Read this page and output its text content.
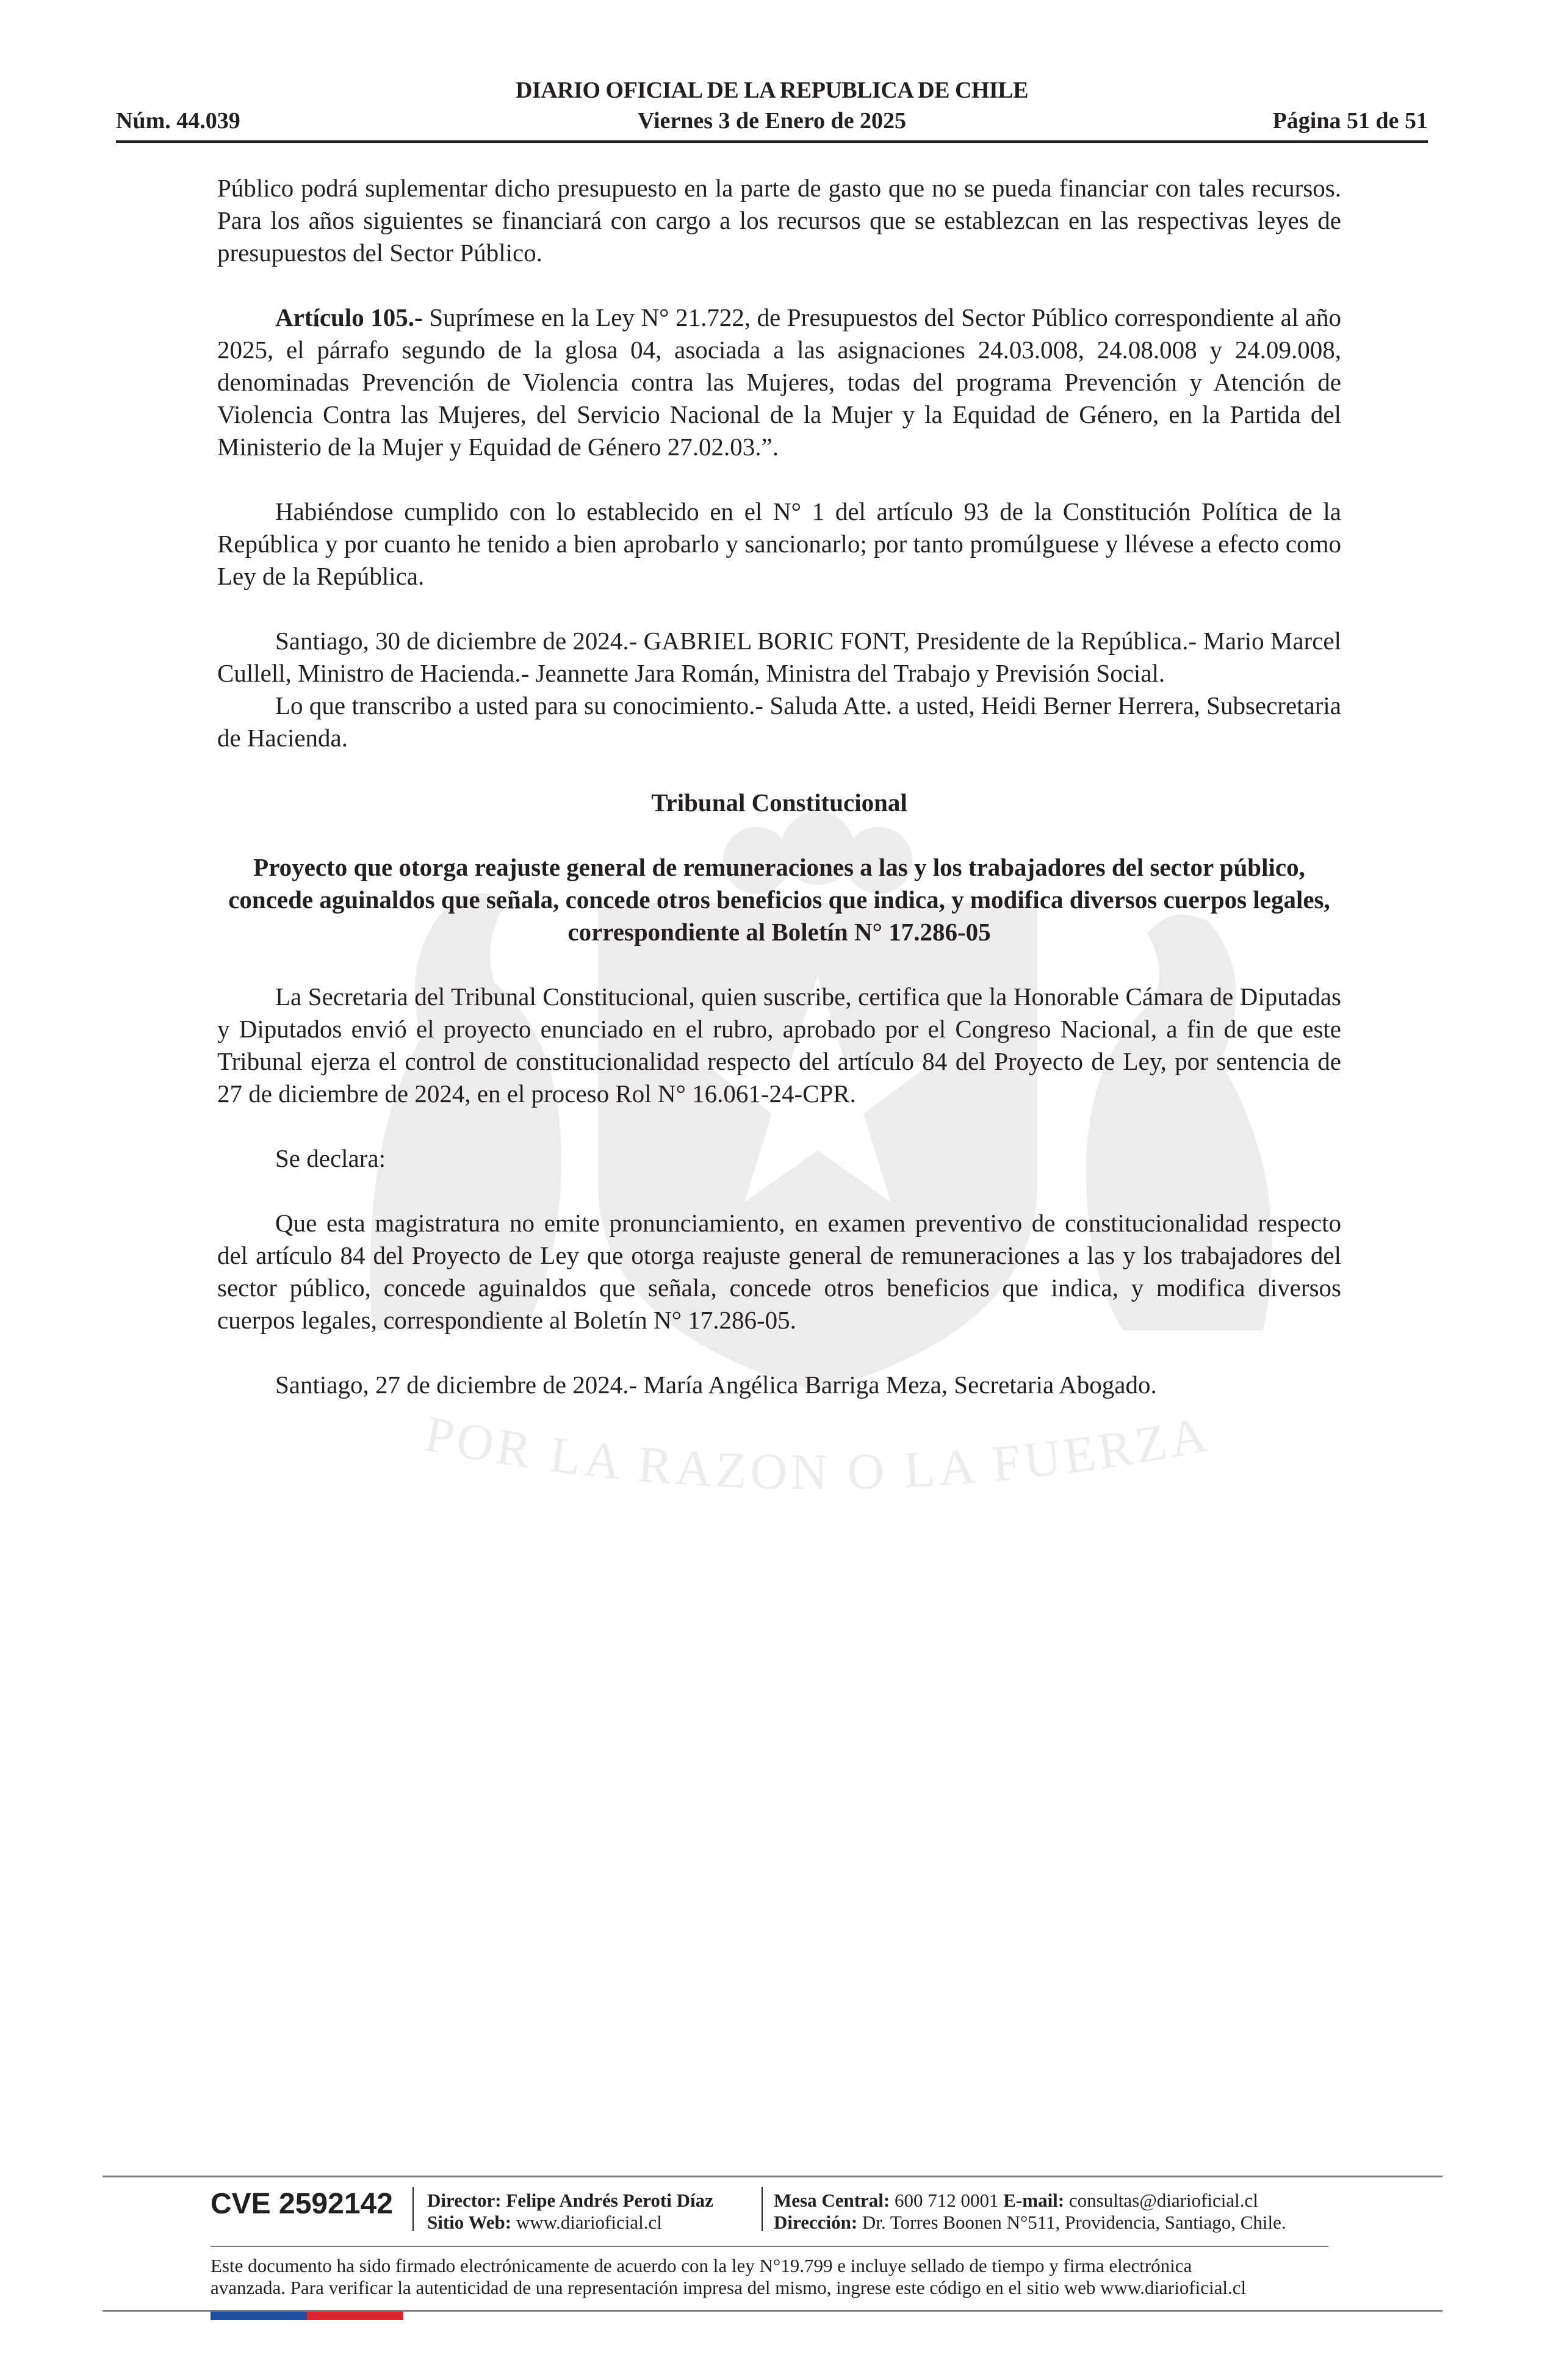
POR LA RAZON O LA FUERZA
DIARIO OFICIAL DE LA REPUBLICA DE CHILE
Núm. 44.039	Viernes 3 de Enero de 2025	Página 51 de 51

Público podrá suplementar dicho presupuesto en la parte de gasto que no se pueda financiar con tales recursos. Para los años siguientes se financiará con cargo a los recursos que se establezcan en las respectivas leyes de presupuestos del Sector Público.

Artículo 105.- Suprímese en la Ley N° 21.722, de Presupuestos del Sector Público correspondiente al año 2025, el párrafo segundo de la glosa 04, asociada a las asignaciones 24.03.008, 24.08.008 y 24.09.008, denominadas Prevención de Violencia contra las Mujeres, todas del programa Prevención y Atención de Violencia Contra las Mujeres, del Servicio Nacional de la Mujer y la Equidad de Género, en la Partida del Ministerio de la Mujer y Equidad de Género 27.02.03.”.

Habiéndose cumplido con lo establecido en el N° 1 del artículo 93 de la Constitución Política de la República y por cuanto he tenido a bien aprobarlo y sancionarlo; por tanto promúlguese y llévese a efecto como Ley de la República.

Santiago, 30 de diciembre de 2024.- GABRIEL BORIC FONT, Presidente de la República.- Mario Marcel Cullell, Ministro de Hacienda.- Jeannette Jara Román, Ministra del Trabajo y Previsión Social.

Lo que transcribo a usted para su conocimiento.- Saluda Atte. a usted, Heidi Berner Herrera, Subsecretaria de Hacienda.

Tribunal Constitucional

Proyecto que otorga reajuste general de remuneraciones a las y los trabajadores del sector público, concede aguinaldos que señala, concede otros beneficios que indica, y modifica diversos cuerpos legales, correspondiente al Boletín N° 17.286-05

La Secretaria del Tribunal Constitucional, quien suscribe, certifica que la Honorable Cámara de Diputadas y Diputados envió el proyecto enunciado en el rubro, aprobado por el Congreso Nacional, a fin de que este Tribunal ejerza el control de constitucionalidad respecto del artículo 84 del Proyecto de Ley, por sentencia de 27 de diciembre de 2024, en el proceso Rol N° 16.061-24-CPR.

Se declara:

Que esta magistratura no emite pronunciamiento, en examen preventivo de constitucionalidad respecto del artículo 84 del Proyecto de Ley que otorga reajuste general de remuneraciones a las y los trabajadores del sector público, concede aguinaldos que señala, concede otros beneficios que indica, y modifica diversos cuerpos legales, correspondiente al Boletín N° 17.286-05.

Santiago, 27 de diciembre de 2024.- María Angélica Barriga Meza, Secretaria Abogado.

CVE 2592142 Director: Felipe Andrés Peroti Díaz
Sitio Web: www.diarioficial.cl
Mesa Central: 600 712 0001 E-mail: consultas@diarioficial.cl
Dirección: Dr. Torres Boonen N°511, Providencia, Santiago, Chile.
Este documento ha sido firmado electrónicamente de acuerdo con la ley N°19.799 e incluye sellado de tiempo y firma electrónica
avanzada. Para verificar la autenticidad de una representación impresa del mismo, ingrese este código en el sitio web www.diarioficial.cl
